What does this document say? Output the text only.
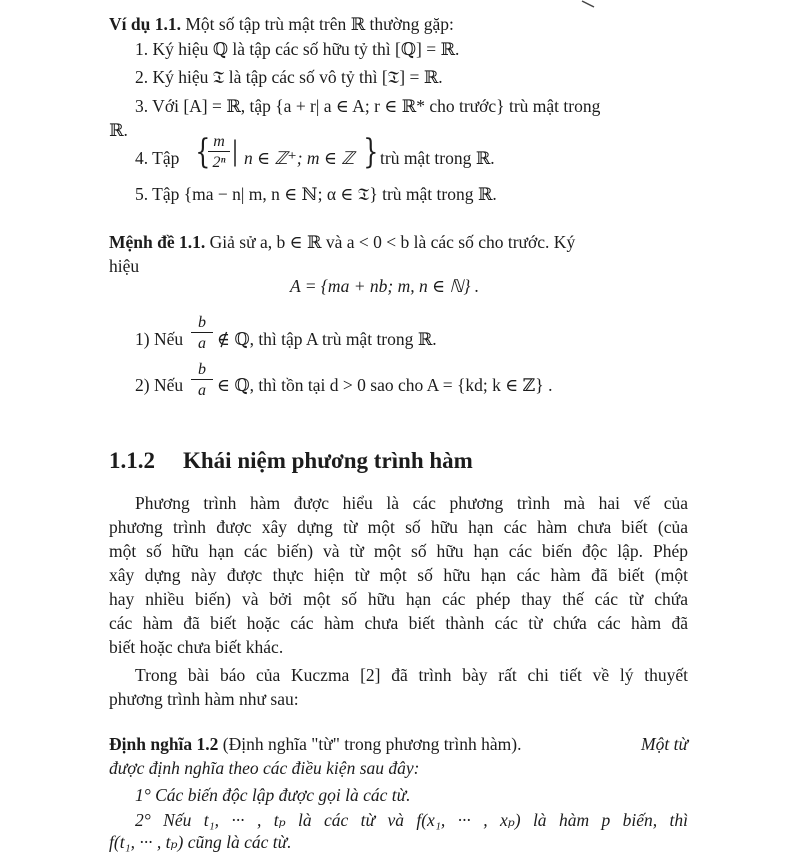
Ví dụ 1.1. Một số tập trù mật trên ℝ thường gặp:
1. Ký hiệu ℚ là tập các số hữu tỷ thì [ℚ] = ℝ.
2. Ký hiệu 𝔗 là tập các số vô tỷ thì [𝔗] = ℝ.
3. Với [A] = ℝ, tập {a + r| a ∈ A; r ∈ ℝ* cho trước} trù mật trong
ℝ.
4. Tập { m
2ⁿ | n ∈ ℤ⁺; m ∈ ℤ } trù mật trong ℝ.
5. Tập {ma − n| m, n ∈ ℕ; α ∈ 𝔗} trù mật trong ℝ.
Mệnh đề 1.1. Giả sử a, b ∈ ℝ và a < 0 < b là các số cho trước. Ký
hiệu
A = {ma + nb; m, n ∈ ℕ} .
1) Nếu
b
a ∉ ℚ, thì tập A trù mật trong ℝ.
2) Nếu
b
a ∈ ℚ, thì tồn tại d > 0 sao cho A = {kd; k ∈ ℤ} .
1.1.2 Khái niệm phương trình hàm
Phương trình hàm được hiểu là các phương trình mà hai vế của
phương trình được xây dựng từ một số hữu hạn các hàm chưa biết (của
một số hữu hạn các biến) và từ một số hữu hạn các biến độc lập. Phép
xây dựng này được thực hiện từ một số hữu hạn các hàm đã biết (một
hay nhiều biến) và bởi một số hữu hạn các phép thay thế các từ chứa
các hàm đã biết hoặc các hàm chưa biết thành các từ chứa các hàm đã
biết hoặc chưa biết khác.
Trong bài báo của Kuczma [2] đã trình bày rất chi tiết về lý thuyết
phương trình hàm như sau:
Định nghĩa 1.2 (Định nghĩa "từ" trong phương trình hàm).	Một từ
được định nghĩa theo các điều kiện sau đây:
1° Các biến độc lập được gọi là các từ.
2° Nếu t₁, ··· , tₚ là các từ và f(x₁, ··· , xₚ) là hàm p biến, thì
f(t₁, ··· , tₚ) cũng là các từ.
